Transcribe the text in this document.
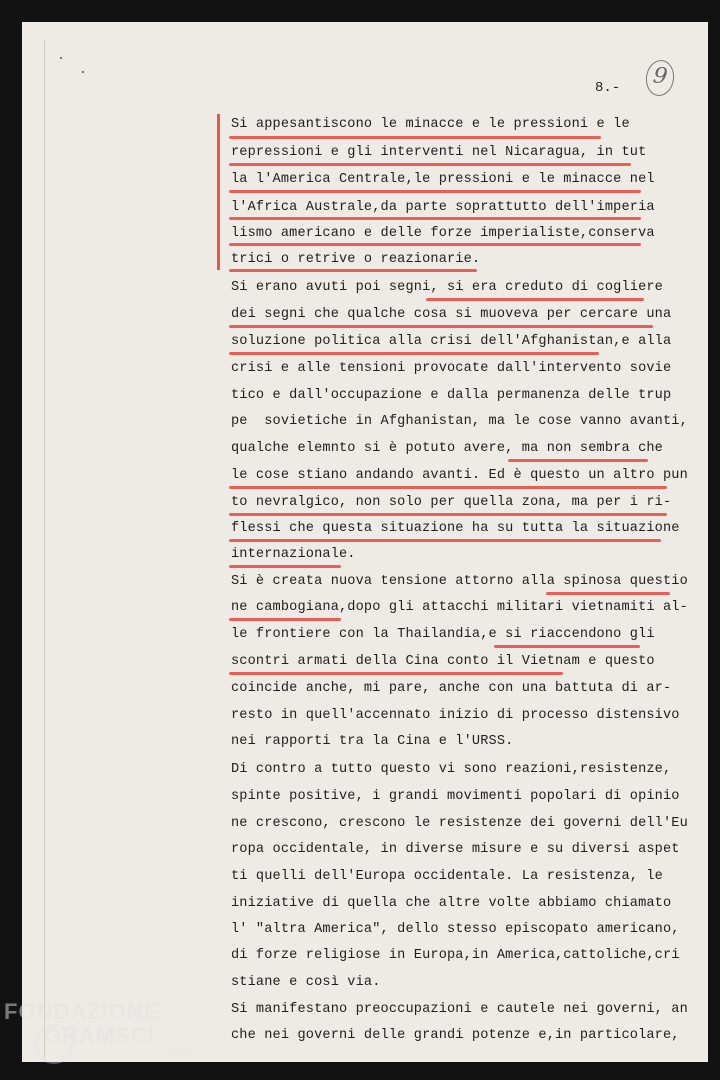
8.-	9
Si appesantiscono le minacce e le pressioni e le
repressioni e gli interventi nel Nicaragua, in tut
la l'America Centrale,le pressioni e le minacce nel
l'Africa Australe,da parte soprattutto dell'imperia
lismo americano e delle forze imperialiste,conserva
trici o retrive o reazionarie.
Si erano avuti poi segni, si era creduto di cogliere
dei segni che qualche cosa si muoveva per cercare una
soluzione politica alla crisi dell'Afghanistan,e alla
crisi e alle tensioni provocate dall'intervento sovie
tico e dall'occupazione e dalla permanenza delle trup
pe  sovietiche in Afghanistan, ma le cose vanno avanti,
qualche elemnto si è potuto avere, ma non sembra che
le cose stiano andando avanti. Ed è questo un altro pun
to nevralgico, non solo per quella zona, ma per i ri-
flessi che questa situazione ha su tutta la situazione
internazionale.
Si è creata nuova tensione attorno alla spinosa questio
ne cambogiana,dopo gli attacchi militari vietnamiti al-
le frontiere con la Thailandia,e si riaccendono gli
scontri armati della Cina conto il Vietnam e questo
coincide anche, mi pare, anche con una battuta di ar-
resto in quell'accennato inizio di processo distensivo
nei rapporti tra la Cina e l'URSS.
Di contro a tutto questo vi sono reazioni,resistenze,
spinte positive, i grandi movimenti popolari di opinio
ne crescono, crescono le resistenze dei governi dell'Eu
ropa occidentale, in diverse misure e su diversi aspet
ti quelli dell'Europa occidentale. La resistenza, le
iniziative di quella che altre volte abbiamo chiamato
l' "altra America", dello stesso episcopato americano,
di forze religiose in Europa,in America,cattoliche,cri
stiane e così via.
Si manifestano preoccupazioni e cautele nei governi, an
che nei governi delle grandi potenze e,in particolare,
FONDAZIONE
GRAMSCI
onlus
